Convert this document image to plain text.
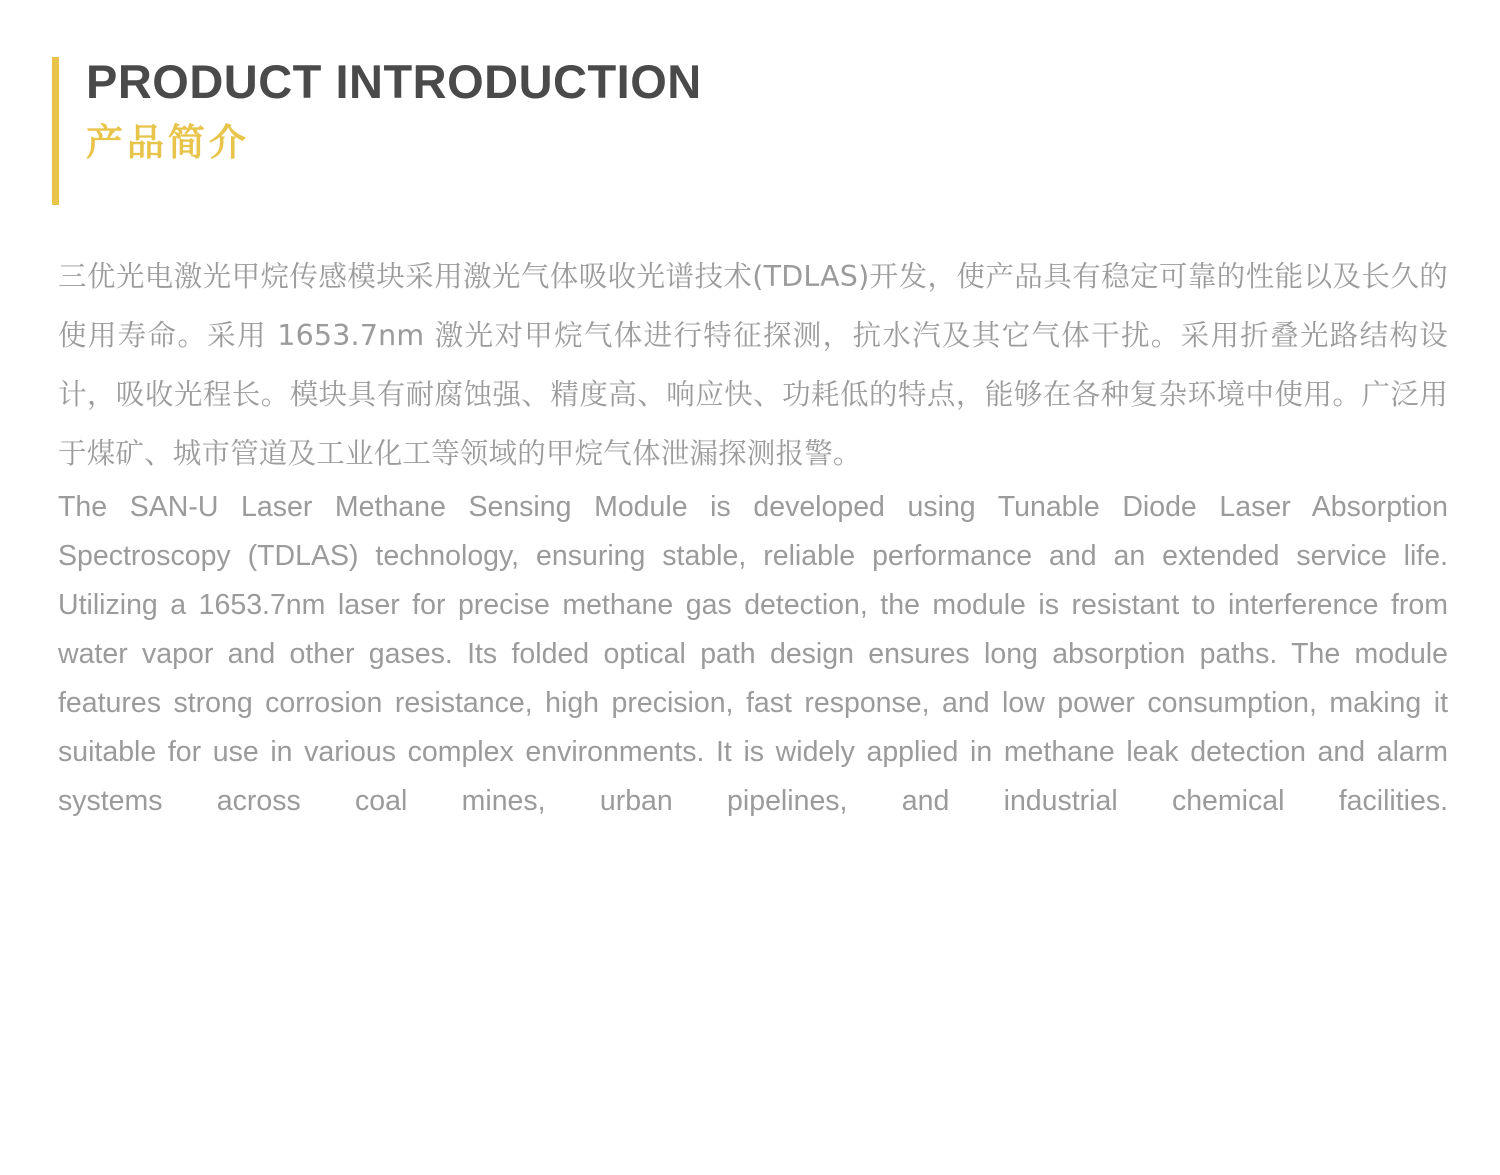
PRODUCT INTRODUCTION
产品简介

三优光电激光甲烷传感模块采用激光气体吸收光谱技术(TDLAS)开发，使产品具有稳定可靠的性能以及长久的使用寿命。采用 1653.7nm 激光对甲烷气体进行特征探测，抗水汽及其它气体干扰。采用折叠光路结构设计，吸收光程长。模块具有耐腐蚀强、精度高、响应快、功耗低的特点，能够在各种复杂环境中使用。广泛用于煤矿、城市管道及工业化工等领域的甲烷气体泄漏探测报警。

The SAN-U Laser Methane Sensing Module is developed using Tunable Diode Laser Absorption Spectroscopy (TDLAS) technology, ensuring stable, reliable performance and an extended service life. Utilizing a 1653.7nm laser for precise methane gas detection, the module is resistant to interference from water vapor and other gases. Its folded optical path design ensures long absorption paths. The module features strong corrosion resistance, high precision, fast response, and low power consumption, making it suitable for use in various complex environments. It is widely applied in methane leak detection and alarm systems across coal mines, urban pipelines, and industrial chemical facilities.
